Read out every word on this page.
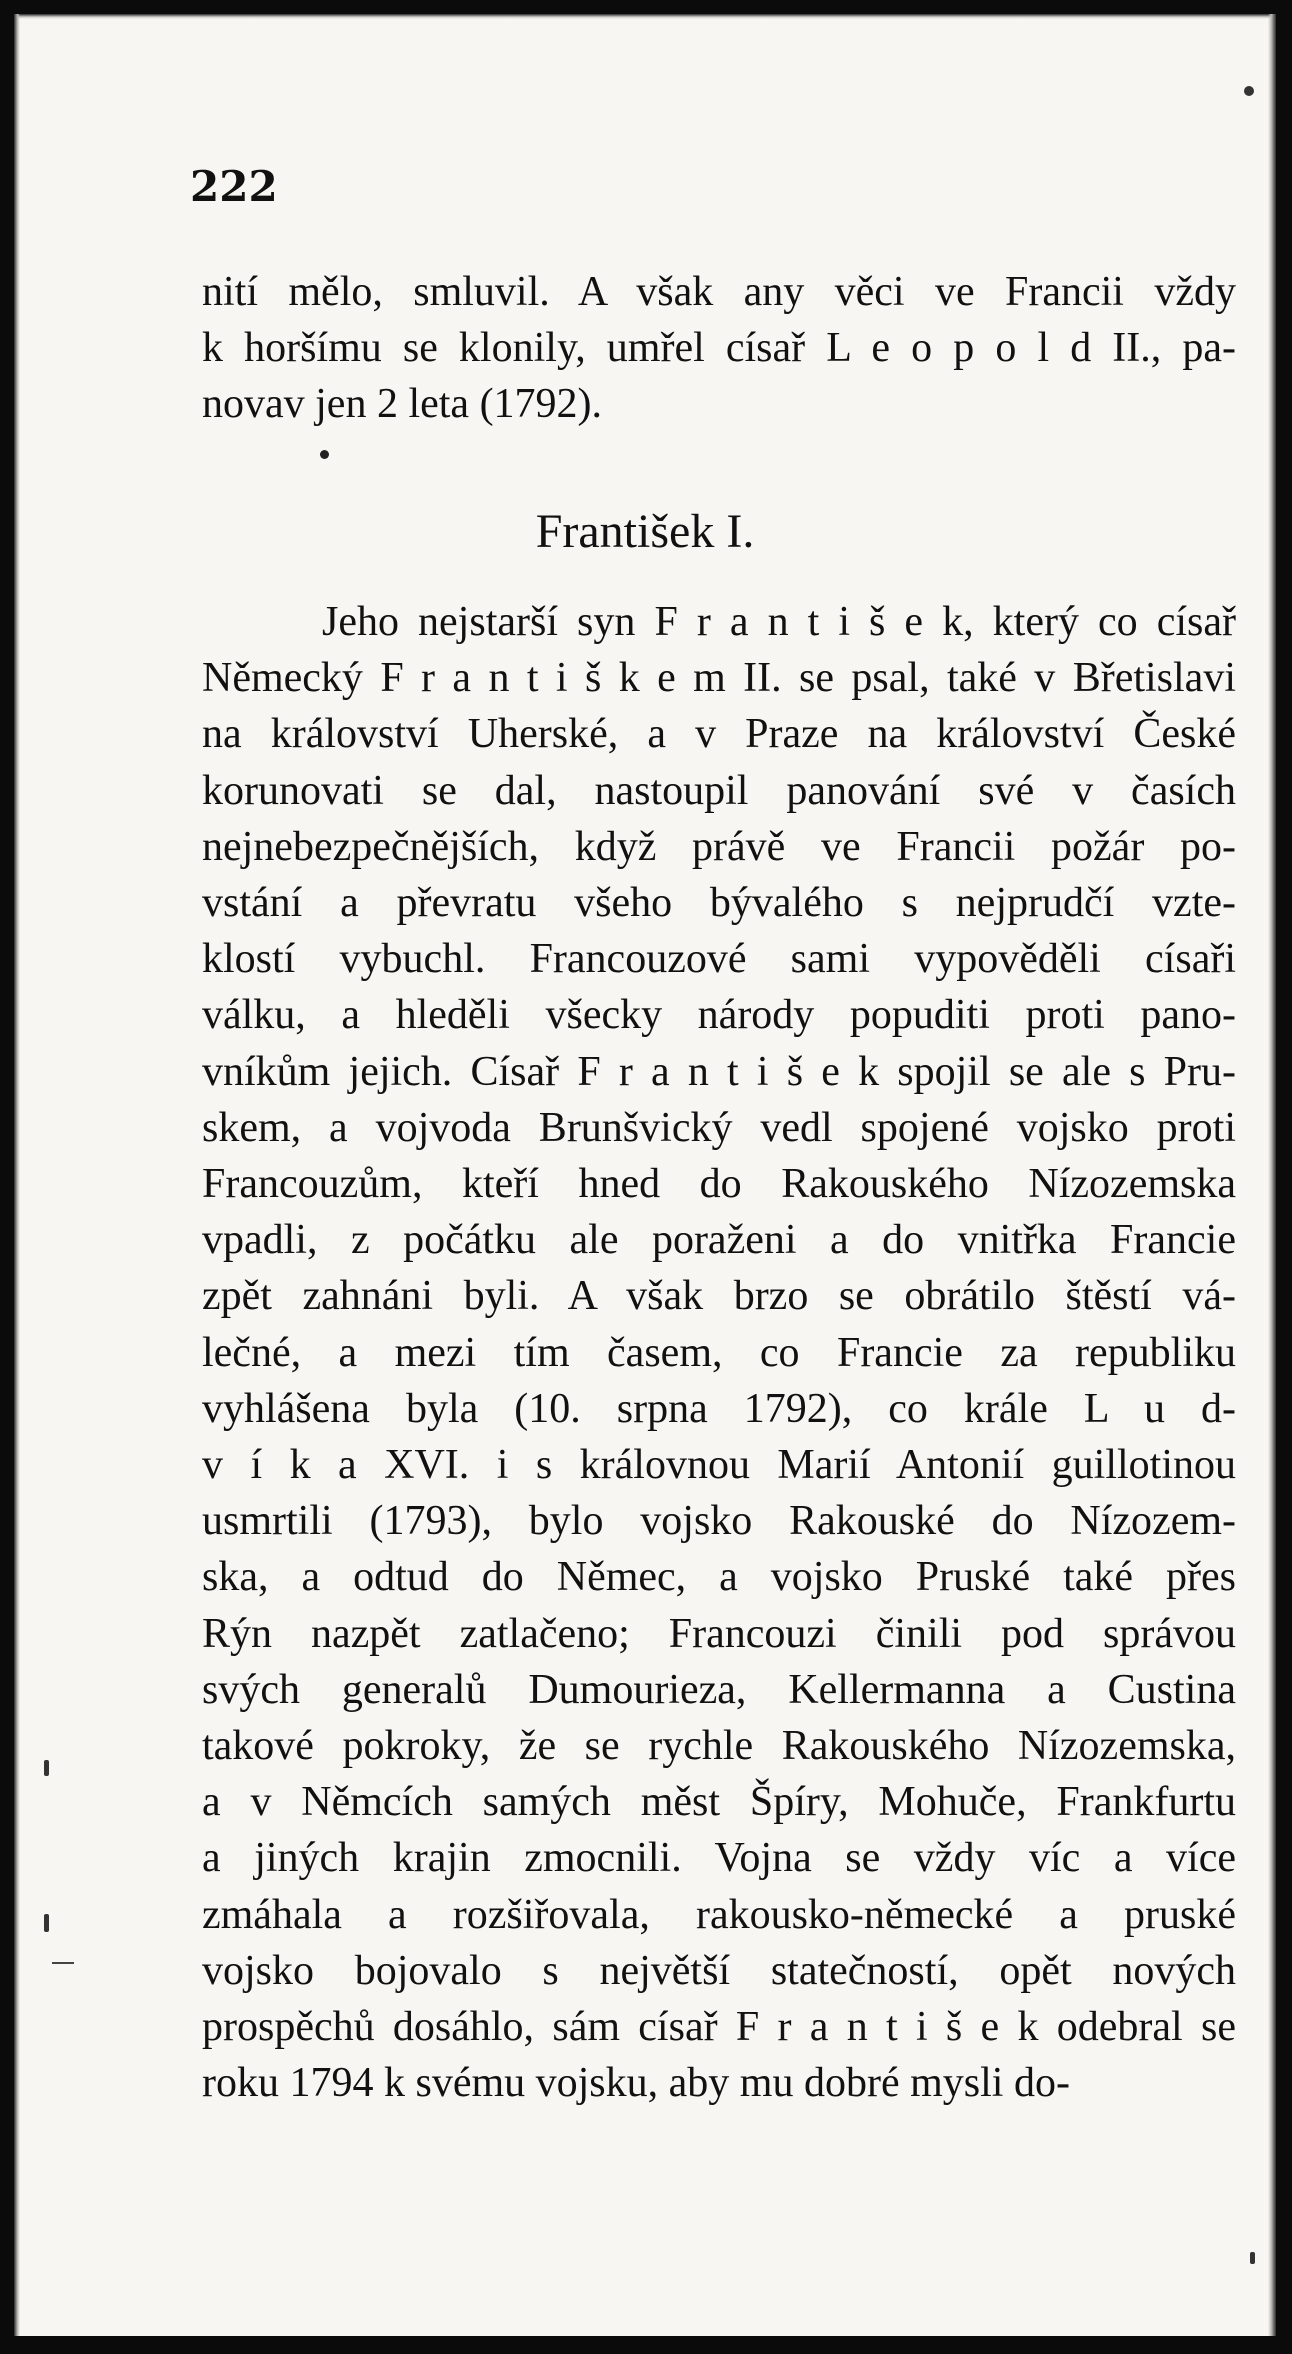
222
nití mělo, smluvil. A však any věci ve Francii vždy
k horšímu se klonily, umřel císař L e o p o l d II., pa-
novav jen 2 leta (1792).
František I.
Jeho nejstarší syn F r a n t i š e k, který co císař
Německý F r a n t i š k e m II. se psal, také v Břetislavi
na království Uherské, a v Praze na království České
korunovati se dal, nastoupil panování své v časích
nejnebezpečnějších, když právě ve Francii požár po-
vstání a převratu všeho bývalého s nejprudčí vzte-
klostí vybuchl. Francouzové sami vypověděli císaři
válku, a hleděli všecky národy popuditi proti pano-
vníkům jejich. Císař F r a n t i š e k spojil se ale s Pru-
skem, a vojvoda Brunšvický vedl spojené vojsko proti
Francouzům, kteří hned do Rakouského Nízozemska
vpadli, z počátku ale poraženi a do vnitřka Francie
zpět zahnáni byli. A však brzo se obrátilo štěstí vá-
lečné, a mezi tím časem, co Francie za republiku
vyhlášena byla (10. srpna 1792), co krále L u d-
v í k a XVI. i s královnou Marií Antonií guillotinou
usmrtili (1793), bylo vojsko Rakouské do Nízozem-
ska, a odtud do Němec, a vojsko Pruské také přes
Rýn nazpět zatlačeno; Francouzi činili pod správou
svých generalů Dumourieza, Kellermanna a Custina
takové pokroky, že se rychle Rakouského Nízozemska,
a v Němcích samých měst Špíry, Mohuče, Frankfurtu
a jiných krajin zmocnili. Vojna se vždy víc a více
zmáhala a rozšiřovala, rakousko-německé a pruské
vojsko bojovalo s největší statečností, opět nových
prospěchů dosáhlo, sám císař F r a n t i š e k odebral se
roku 1794 k svému vojsku, aby mu dobré mysli do-
